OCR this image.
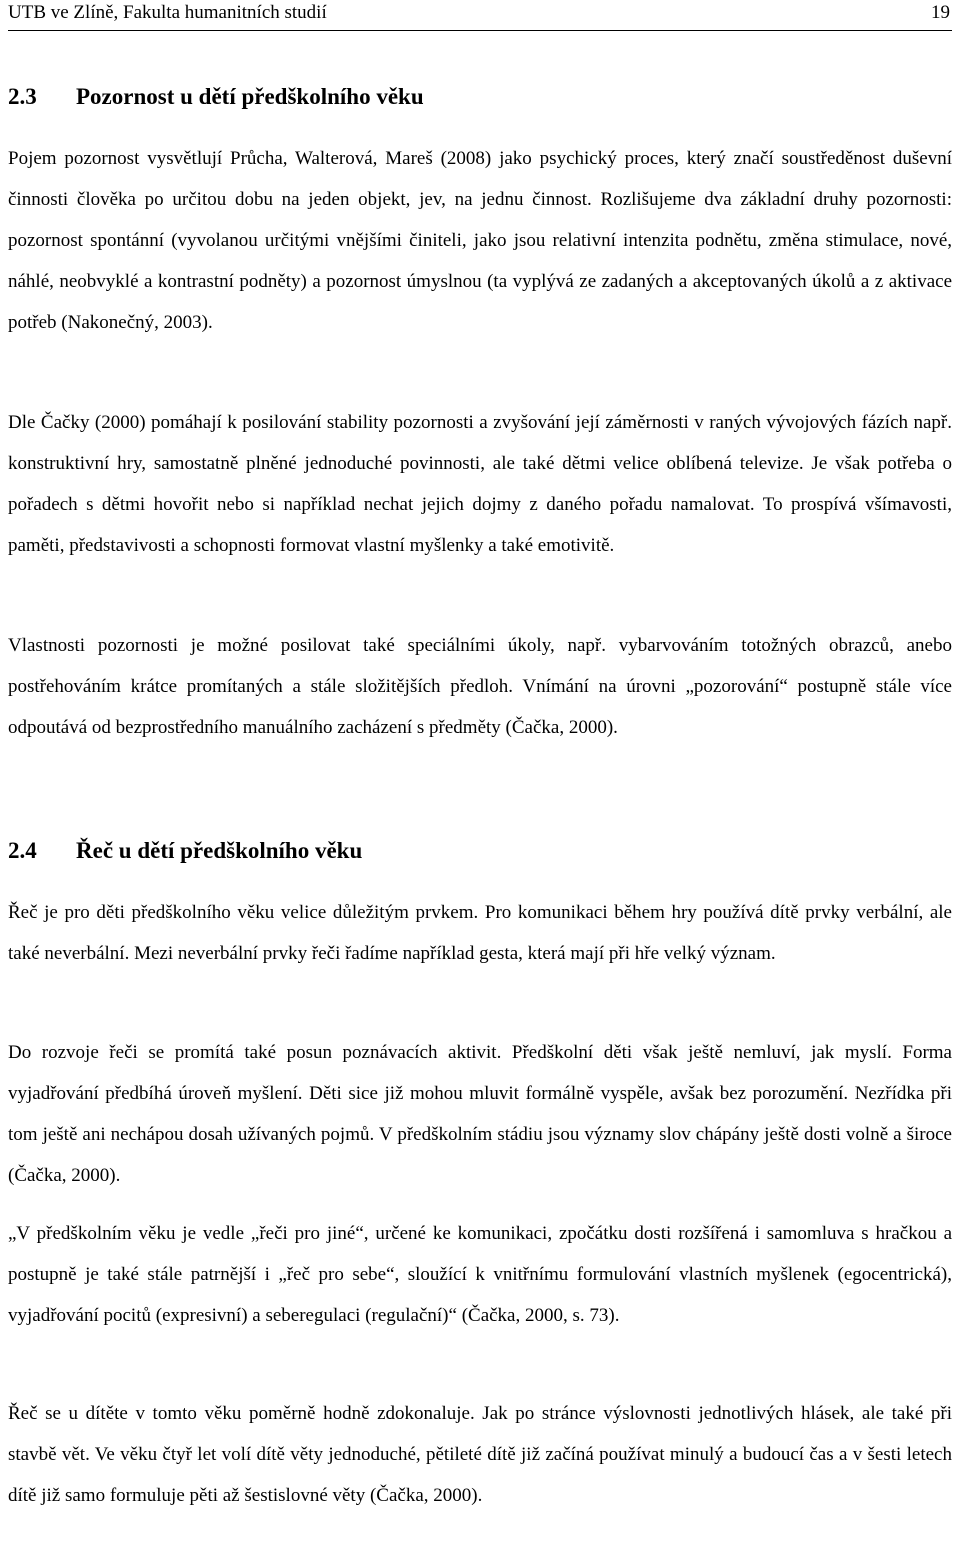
UTB ve Zlíně, Fakulta humanitních studií	19
2.3 Pozornost u dětí předškolního věku

Pojem pozornost vysvětlují Průcha, Walterová, Mareš (2008) jako psychický proces, který značí soustředěnost duševní činnosti člověka po určitou dobu na jeden objekt, jev, na jednu činnost. Rozlišujeme dva základní druhy pozornosti: pozornost spontánní (vyvolanou určitými vnějšími činiteli, jako jsou relativní intenzita podnětu, změna stimulace, nové, náhlé, neobvyklé a kontrastní podněty) a pozornost úmyslnou (ta vyplývá ze zadaných a akceptovaných úkolů a z aktivace potřeb (Nakonečný, 2003).

Dle Čačky (2000) pomáhají k posilování stability pozornosti a zvyšování její záměrnosti v raných vývojových fázích např. konstruktivní hry, samostatně plněné jednoduché povinnosti, ale také dětmi velice oblíbená televize. Je však potřeba o pořadech s dětmi hovořit nebo si například nechat jejich dojmy z daného pořadu namalovat. To prospívá všímavosti, paměti, představivosti a schopnosti formovat vlastní myšlenky a také emotivitě.

Vlastnosti pozornosti je možné posilovat také speciálními úkoly, např. vybarvováním totožných obrazců, anebo postřehováním krátce promítaných a stále složitějších předloh. Vnímání na úrovni „pozorování“ postupně stále více odpoutává od bezprostředního manuálního zacházení s předměty (Čačka, 2000).

2.4 Řeč u dětí předškolního věku

Řeč je pro děti předškolního věku velice důležitým prvkem. Pro komunikaci během hry používá dítě prvky verbální, ale také neverbální. Mezi neverbální prvky řeči řadíme například gesta, která mají při hře velký význam.

Do rozvoje řeči se promítá také posun poznávacích aktivit. Předškolní děti však ještě nemluví, jak myslí. Forma vyjadřování předbíhá úroveň myšlení. Děti sice již mohou mluvit formálně vyspěle, avšak bez porozumění. Nezřídka při tom ještě ani nechápou dosah užívaných pojmů. V předškolním stádiu jsou významy slov chápány ještě dosti volně a široce (Čačka, 2000).

„V předškolním věku je vedle „řeči pro jiné“, určené ke komunikaci, zpočátku dosti rozšířená i samomluva s hračkou a postupně je také stále patrnější i „řeč pro sebe“, sloužící k vnitřnímu formulování vlastních myšlenek (egocentrická), vyjadřování pocitů (expresivní) a seberegulaci (regulační)“ (Čačka, 2000, s. 73).

Řeč se u dítěte v tomto věku poměrně hodně zdokonaluje. Jak po stránce výslovnosti jednotlivých hlásek, ale také při stavbě vět. Ve věku čtyř let volí dítě věty jednoduché, pětileté dítě již začíná používat minulý a budoucí čas a v šesti letech dítě již samo formuluje pěti až šestislovné věty (Čačka, 2000).
